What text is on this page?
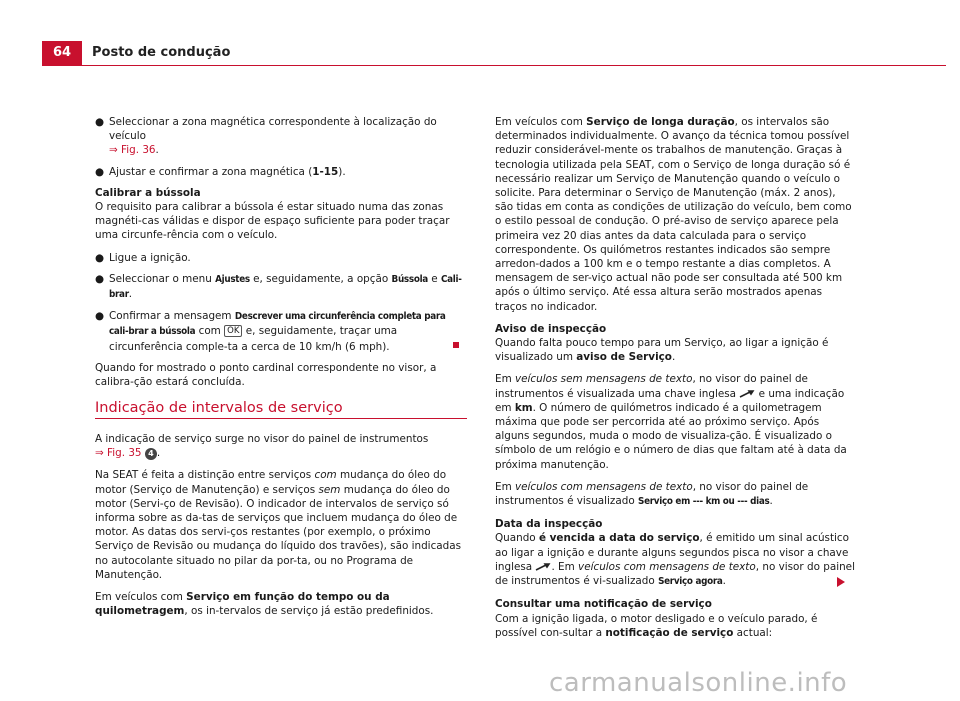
64	Posto de condução
● Seleccionar a zona magnética correspondente à localização do veículo
⇒ Fig. 36.
● Ajustar e confirmar a zona magnética (1-15).

Calibrar a bússola

O requisito para calibrar a bússola é estar situado numa das zonas magnéti-cas válidas e dispor de espaço suficiente para poder traçar uma circunfe-rência com o veículo.

● Ligue a ignição.
● Seleccionar o menu Ajustes e, seguidamente, a opção Bússola e Cali-brar.
● Confirmar a mensagem Descrever uma circunferência completa para cali-brar a bússola com OK e, seguidamente, traçar uma circunferência comple-ta a cerca de 10 km/h (6 mph).

Quando for mostrado o ponto cardinal correspondente no visor, a calibra-ção estará concluída.

Indicação de intervalos de serviço

A indicação de serviço surge no visor do painel de instrumentos
⇒ Fig. 35 4 .

Na SEAT é feita a distinção entre serviços com mudança do óleo do motor (Serviço de Manutenção) e serviços sem mudança do óleo do motor (Servi-ço de Revisão). O indicador de intervalos de serviço só informa sobre as da-tas de serviços que incluem mudança do óleo de motor. As datas dos servi-ços restantes (por exemplo, o próximo Serviço de Revisão ou mudança do líquido dos travões), são indicadas no autocolante situado no pilar da por-ta, ou no Programa de Manutenção.

Em veículos com Serviço em função do tempo ou da quilometragem, os in-tervalos de serviço já estão predefinidos.

Em veículos com Serviço de longa duração, os intervalos são determinados individualmente. O avanço da técnica tomou possível reduzir considerável-mente os trabalhos de manutenção. Graças à tecnologia utilizada pela SEAT, com o Serviço de longa duração só é necessário realizar um Serviço de Manutenção quando o veículo o solicite. Para determinar o Serviço de Manutenção (máx. 2 anos), são tidas em conta as condições de utilização do veículo, bem como o estilo pessoal de condução. O pré-aviso de serviço aparece pela primeira vez 20 dias antes da data calculada para o serviço correspondente. Os quilómetros restantes indicados são sempre arredon-dados a 100 km e o tempo restante a dias completos. A mensagem de ser-viço actual não pode ser consultada até 500 km após o último serviço. Até essa altura serão mostrados apenas traços no indicador.

Aviso de inspecção

Quando falta pouco tempo para um Serviço, ao ligar a ignição é visualizado um aviso de Serviço.

Em veículos sem mensagens de texto, no visor do painel de instrumentos é visualizada uma chave inglesa  e uma indicação em km. O número de quilómetros indicado é a quilometragem máxima que pode ser percorrida até ao próximo serviço. Após alguns segundos, muda o modo de visualiza-ção. É visualizado o símbolo de um relógio e o número de dias que faltam até à data da próxima manutenção.

Em veículos com mensagens de texto, no visor do painel de instrumentos é visualizado Serviço em --- km ou --- dias.

Data da inspecção

Quando é vencida a data do serviço, é emitido um sinal acústico ao ligar a ignição e durante alguns segundos pisca no visor a chave inglesa . Em veículos com mensagens de texto, no visor do painel de instrumentos é vi-sualizado Serviço agora.

Consultar uma notificação de serviço

Com a ignição ligada, o motor desligado e o veículo parado, é possível con-sultar a notificação de serviço actual:

carmanualsonline.info
